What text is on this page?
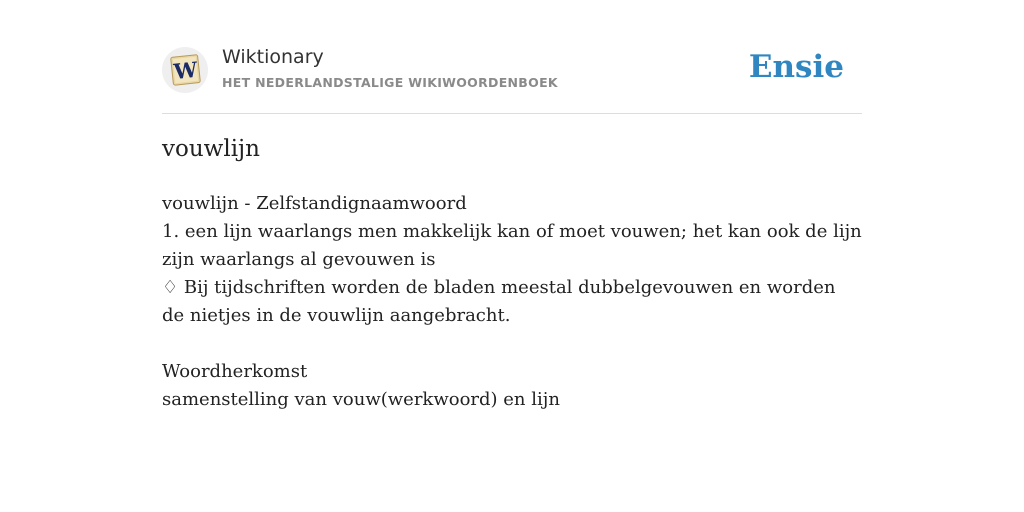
W Wiktionary
HET NEDERLANDSTALIGE WIKIWOORDENBOEK	Ensie
vouwlijn
vouwlijn - Zelfstandignaamwoord
1. een lijn waarlangs men makkelijk kan of moet vouwen; het kan ook de lijn zijn waarlangs al gevouwen is
♢ Bij tijdschriften worden de bladen meestal dubbelgevouwen en worden de nietjes in de vouwlijn aangebracht.
Woordherkomst
samenstelling van vouw(werkwoord) en lijn
